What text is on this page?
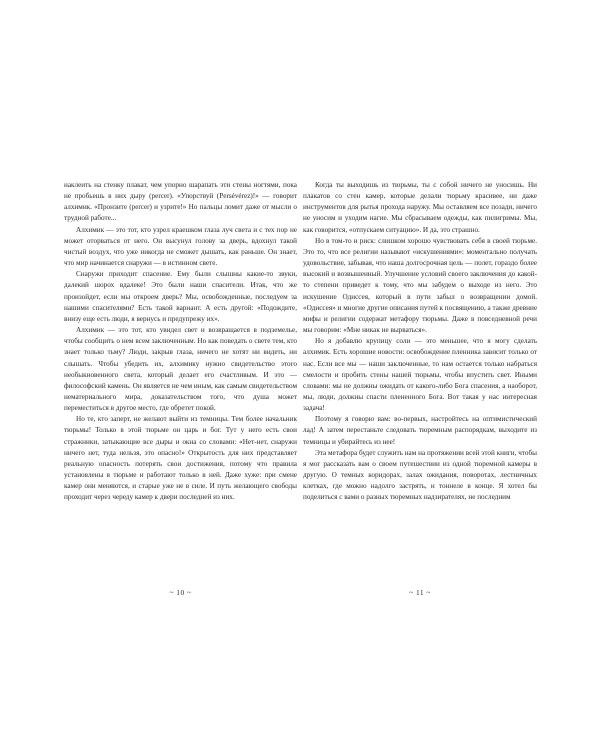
наклеить на стенку плакат, чем упорно шарапать эти стены ногтями, пока не пробьешь в них дыру (percer). «Упорствуй (Persévérez)!» — говорит алхимик. «Пронзите (percer) и узрите!» Но пальцы ломит даже от мысли о трудной работе...

Алхимик — это тот, кто узрел краешком глаза луч света и с тех пор не может оторваться от него. Он высунул голову за дверь, вдохнул такой чистый воздух, что уже никогда не сможет дышать, как раньше. Он знает, что мир начинается снаружи — в истинном свете.

Снаружи приходит спасение. Ему были слышны какие-то звуки, далекий шорох вдалеке! Это были наши спасители. Итак, что же произойдет, если мы откроем дверь? Мы, освобожденные, последуем за нашими спасителями? Есть такой вариант. А есть другой: «Подождите, внизу еще есть люди, я вернусь и предупрежу их».

Алхимик — это тот, кто увидел свет и возвращается в подземелье, чтобы сообщить о нем всем заключенным. Но как поведать о свете тем, кто знает только тьму? Люди, закрыв глаза, ничего не хотят ни видеть, ни слышать. Чтобы убедить их, алхимику нужно свидетельство этого необыкновенного света, который делает его счастливым. И это — философский камень. Он является не чем иным, как самым свидетельством нематериального мира, доказательством того, что душа может переместиться в другое место, где обретет покой.

Но те, кто заперт, не желают выйти из темницы. Тем более начальник тюрьмы! Только в этой тюрьме он царь и бог. Тут у него есть свои стражники, затыкающие все дыры и окна со словами: «Нет-нет, снаружи ничего нет, туда нельзя, это опасно!» Открытость для них представляет реальную опасность потерять свои достижения, потому что правила установлены в тюрьме и работают только в ней. Даже хуже: при смене камер они меняются, и старые уже не в силе. И путь желающего свободы проходит через череду камер к двери последней из них.

~ 10 ~

Когда ты выходишь из тюрьмы, ты с собой ничего не уносишь. Ни плакатов со стен камер, которые делали тюрьму красивее, ни даже инструментов для рытья прохода наружу. Мы оставляем все позади, ничего не уносим и уходим нагие. Мы сбрасываем одежды, как пилигримы. Мы, как говорится, «отпускаем ситуацию». И да, это страшно.

Но в том-то и риск: слишком хорошо чувствовать себя в своей тюрьме. Это то, что все религии называют «искушениями»: моментально получать удовольствие, забывая, что наша долгосрочная цель — полет, гораздо более высокий и возвышенный. Улучшение условий своего заключения до какой-то степени приведет к тому, что мы забудем о выходе из него. Это искушение Одиссея, который в пути забыл о возвращении домой. «Одиссея» и многие другие описания путей к посвящению, а также древние мифы и религии содержат метафору тюрьмы. Даже в повседневной речи мы говорим: «Мне никак не вырваться».

Но я добавлю крупицу соли — это меньшее, что я могу сделать алхимик. Есть хорошие новости: освобождение пленника зависит только от нас. Если все мы — наши заключенные, то нам остается только набраться смелости и пробить стены нашей тюрьмы, чтобы впустить свет. Иными словами: мы не должны ожидать от какого-либо Бога спасения, а наоборот, мы, люди, должны спасти плененного Бога. Вот такая у нас интересная задача!

Поэтому я говорю вам: во-первых, настройтесь на оптимистический лад! А затем перестаньте следовать тюремным распорядкам, выходите из темницы и убирайтесь из нее!

Эта метафора будет служить нам на протяжении всей этой книги, чтобы я мог рассказать вам о своем путешествии из одной тюремной камеры в другую. О темных коридорах, залах ожидания, поворотах, лестничных клетках, где можно надолго застрять, и тоннеле в конце. Я хотел бы поделиться с вами о разных тюремных надзирателях, не последним

~ 11 ~
